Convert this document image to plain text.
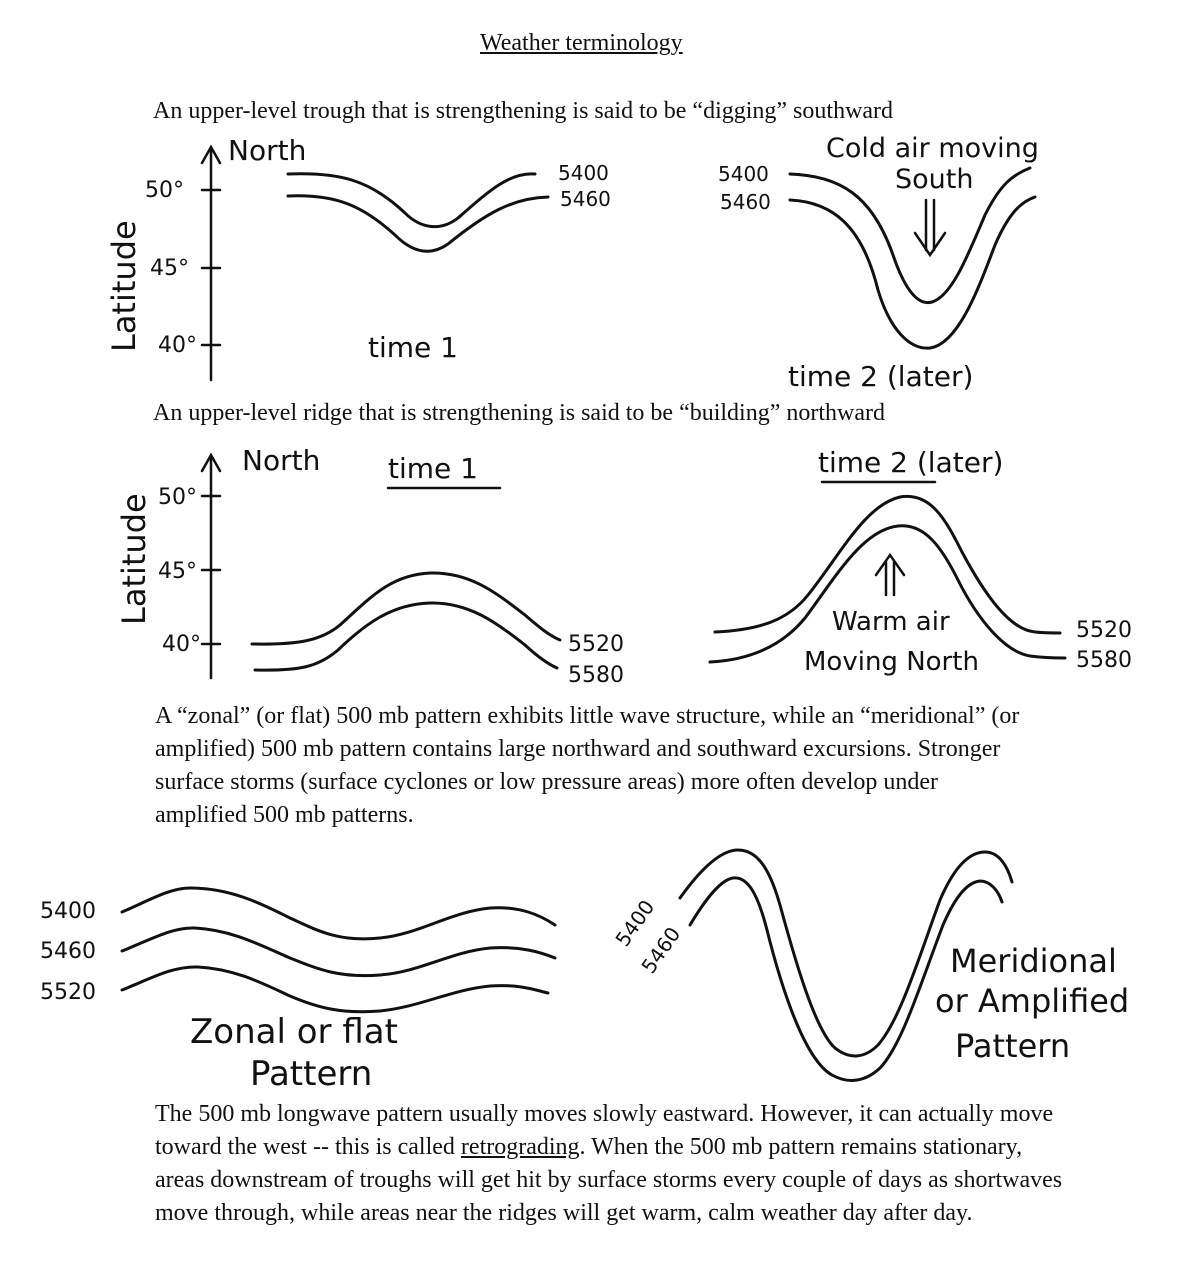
Weather terminology
An upper-level trough that is strengthening is said to be “digging” southward
An upper-level ridge that is strengthening is said to be “building” northward
A “zonal” (or flat) 500 mb pattern exhibits little wave structure, while an “meridional” (or amplified) 500 mb pattern contains large northward and southward excursions. Stronger surface storms (surface cyclones or low pressure areas) more often develop under amplified 500 mb patterns.
The 500 mb longwave pattern usually moves slowly eastward. However, it can actually move toward the west -- this is called retrograding. When the 500 mb pattern remains stationary, areas downstream of troughs will get hit by surface storms every couple of days as shortwaves move through, while areas near the ridges will get warm, calm weather day after day.
North
50°
45°
40°
Latitude
5400
5460
time 1
5400
5460
Cold air moving
South
time 2 (later)
North
50°
45°
40°
Latitude
time 1
5520
5580
time 2 (later)
5520
5580
Warm air
Moving North
5400
5460
5520
Zonal or flat
Pattern
5400
5460	Meridional
or Amplified
Pattern
